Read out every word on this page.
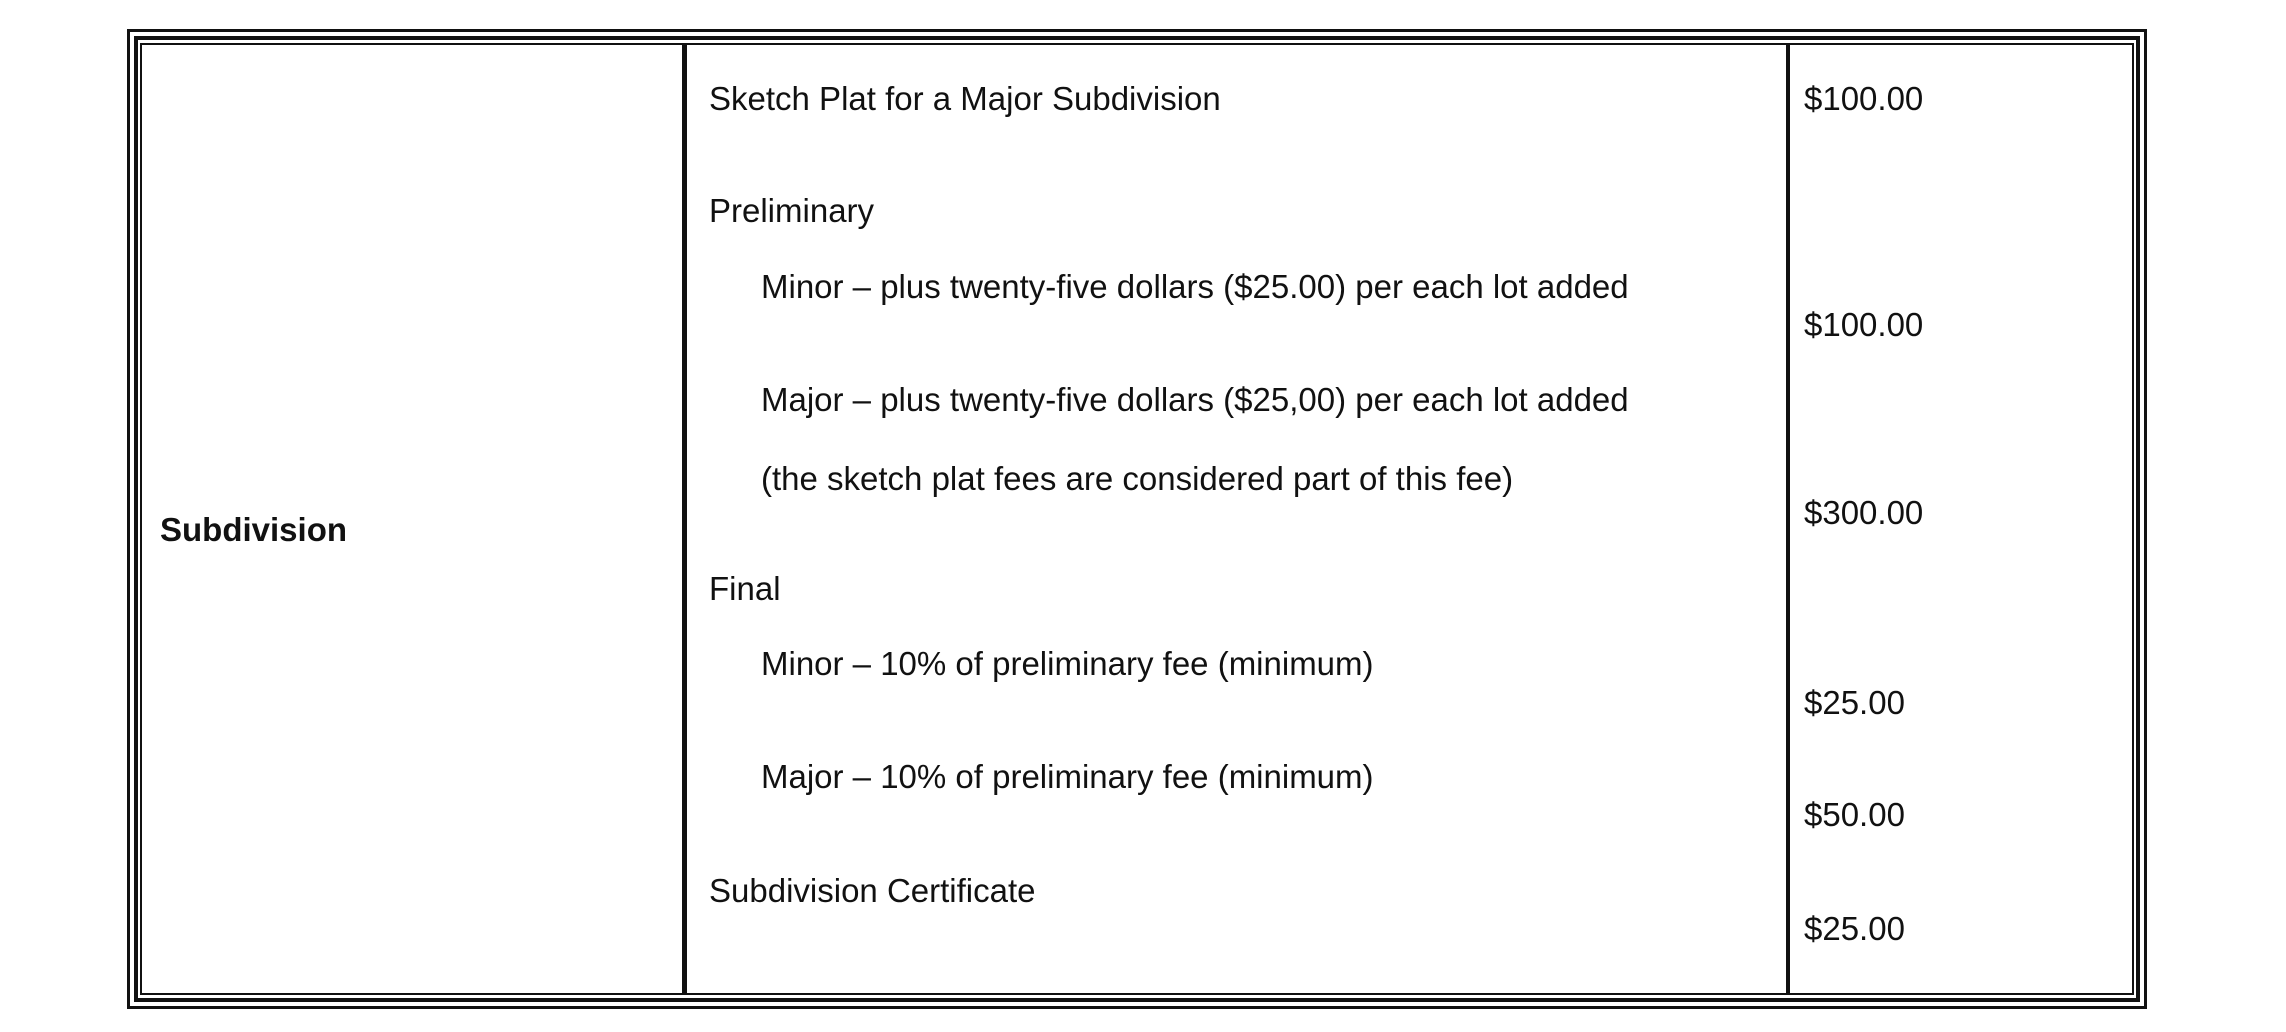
Subdivision
Sketch Plat for a Major Subdivision	$100.00
Preliminary
Minor – plus twenty-five dollars ($25.00) per each lot added
$100.00
Major – plus twenty-five dollars ($25,00) per each lot added
(the sketch plat fees are considered part of this fee)
$300.00
Final
Minor – 10% of preliminary fee (minimum)
$25.00
Major – 10% of preliminary fee (minimum)
$50.00
Subdivision Certificate
$25.00
